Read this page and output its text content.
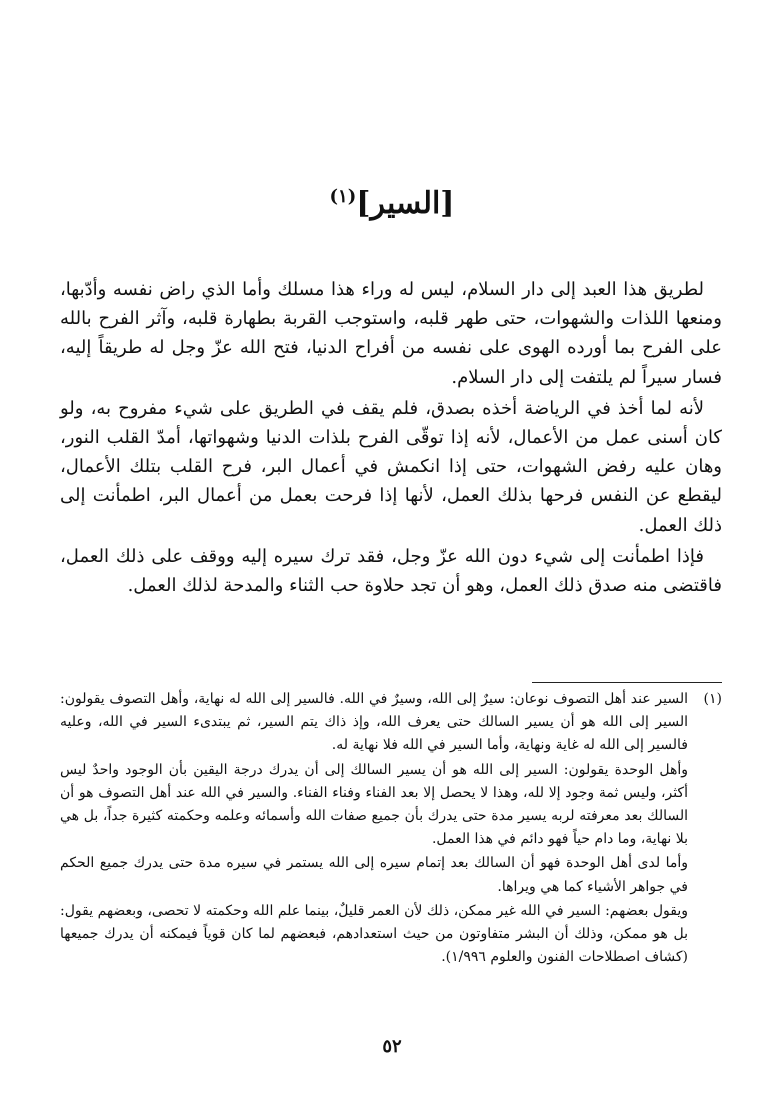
[السير]$^{(١)}$

لطريق هذا العبد إلى دار السلام، ليس له وراء هذا مسلك وأما الذي راض نفسه وأدّبها، ومنعها اللذات والشهوات، حتى طهر قلبه، واستوجب القربة بطهارة قلبه، وآثر الفرح بالله على الفرح بما أورده الهوى على نفسه من أفراح الدنيا، فتح الله عزّ وجل له طريقاً إليه، فسار سيراً لم يلتفت إلى دار السلام.

لأنه لما أخذ في الرياضة أخذه بصدق، فلم يقف في الطريق على شيء مفروح به، ولو كان أسنى عمل من الأعمال، لأنه إذا توقّى الفرح بلذات الدنيا وشهواتها، أمدّ القلب النور، وهان عليه رفض الشهوات، حتى إذا انكمش في أعمال البر، فرح القلب بتلك الأعمال، ليقطع عن النفس فرحها بذلك العمل، لأنها إذا فرحت بعمل من أعمال البر، اطمأنت إلى ذلك العمل.

فإذا اطمأنت إلى شيء دون الله عزّ وجل، فقد ترك سيره إليه ووقف على ذلك العمل، فاقتضى منه صدق ذلك العمل، وهو أن تجد حلاوة حب الثناء والمدحة لذلك العمل.

(١)

السير عند أهل التصوف نوعان: سيرٌ إلى الله، وسيرٌ في الله. فالسير إلى الله له نهاية، وأهل التصوف يقولون: السير إلى الله هو أن يسير السالك حتى يعرف الله، وإذ ذاك يتم السير، ثم يبتدىء السير في الله، وعليه فالسير إلى الله له غاية ونهاية، وأما السير في الله فلا نهاية له.

وأهل الوحدة يقولون: السير إلى الله هو أن يسير السالك إلى أن يدرك درجة اليقين بأن الوجود واحدٌ ليس أكثر، وليس ثمة وجود إلا لله، وهذا لا يحصل إلا بعد الفناء وفناء الفناء. والسير في الله عند أهل التصوف هو أن السالك بعد معرفته لربه يسير مدة حتى يدرك بأن جميع صفات الله وأسمائه وعلمه وحكمته كثيرة جداً، بل هي بلا نهاية، وما دام حياً فهو دائم في هذا العمل.

وأما لدى أهل الوحدة فهو أن السالك بعد إتمام سيره إلى الله يستمر في سيره مدة حتى يدرك جميع الحكم في جواهر الأشياء كما هي ويراها.

ويقول بعضهم: السير في الله غير ممكن، ذلك لأن العمر قليلٌ، بينما علم الله وحكمته لا تحصى، وبعضهم يقول: بل هو ممكن، وذلك أن البشر متفاوتون من حيث استعدادهم، فبعضهم لما كان قوياً فيمكنه أن يدرك جميعها (كشاف اصطلاحات الفنون والعلوم ١/٩٩٦).

٥٢
